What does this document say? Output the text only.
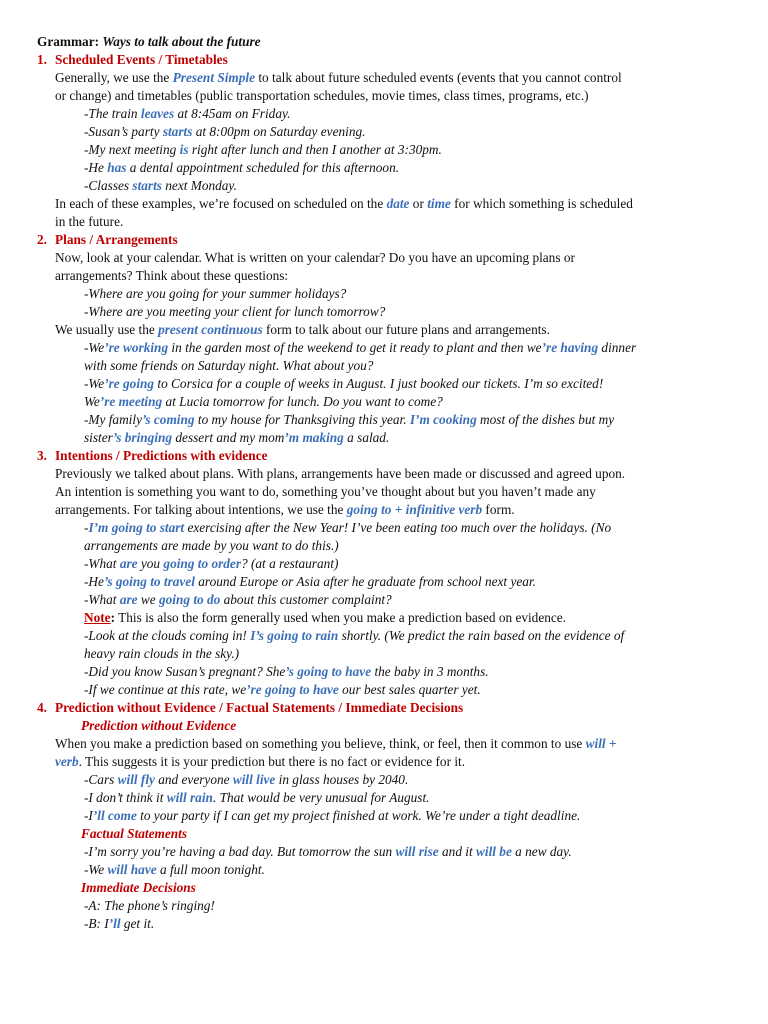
Grammar: Ways to talk about the future
1. Scheduled Events / Timetables
Generally, we use the Present Simple to talk about future scheduled events (events that you cannot control
or change) and timetables (public transportation schedules, movie times, class times, programs, etc.)
-The train leaves at 8:45am on Friday.
-Susan’s party starts at 8:00pm on Saturday evening.
-My next meeting is right after lunch and then I another at 3:30pm.
-He has a dental appointment scheduled for this afternoon.
-Classes starts next Monday.
In each of these examples, we’re focused on scheduled on the date or time for which something is scheduled
in the future.
2. Plans / Arrangements
Now, look at your calendar. What is written on your calendar? Do you have an upcoming plans or
arrangements? Think about these questions:
-Where are you going for your summer holidays?
-Where are you meeting your client for lunch tomorrow?
We usually use the present continuous form to talk about our future plans and arrangements.
-We’re working in the garden most of the weekend to get it ready to plant and then we’re having dinner
with some friends on Saturday night. What about you?
-We’re going to Corsica for a couple of weeks in August. I just booked our tickets. I’m so excited!
We’re meeting at Lucia tomorrow for lunch. Do you want to come?
-My family’s coming to my house for Thanksgiving this year. I’m cooking most of the dishes but my
sister’s bringing dessert and my mom’m making a salad.
3. Intentions / Predictions with evidence
Previously we talked about plans. With plans, arrangements have been made or discussed and agreed upon.
An intention is something you want to do, something you’ve thought about but you haven’t made any
arrangements. For talking about intentions, we use the going to + infinitive verb form.
-I’m going to start exercising after the New Year! I’ve been eating too much over the holidays. (No
arrangements are made by you want to do this.)
-What are you going to order? (at a restaurant)
-He’s going to travel around Europe or Asia after he graduate from school next year.
-What are we going to do about this customer complaint?
Note: This is also the form generally used when you make a prediction based on evidence.
-Look at the clouds coming in! I’s going to rain shortly. (We predict the rain based on the evidence of
heavy rain clouds in the sky.)
-Did you know Susan’s pregnant? She’s going to have the baby in 3 months.
-If we continue at this rate, we’re going to have our best sales quarter yet.
4. Prediction without Evidence / Factual Statements / Immediate Decisions
Prediction without Evidence
When you make a prediction based on something you believe, think, or feel, then it common to use will +
verb. This suggests it is your prediction but there is no fact or evidence for it.
-Cars will fly and everyone will live in glass houses by 2040.
-I don’t think it will rain. That would be very unusual for August.
-I’ll come to your party if I can get my project finished at work. We’re under a tight deadline.
Factual Statements
-I’m sorry you’re having a bad day. But tomorrow the sun will rise and it will be a new day.
-We will have a full moon tonight.
Immediate Decisions
-A: The phone’s ringing!
-B: I’ll get it.
